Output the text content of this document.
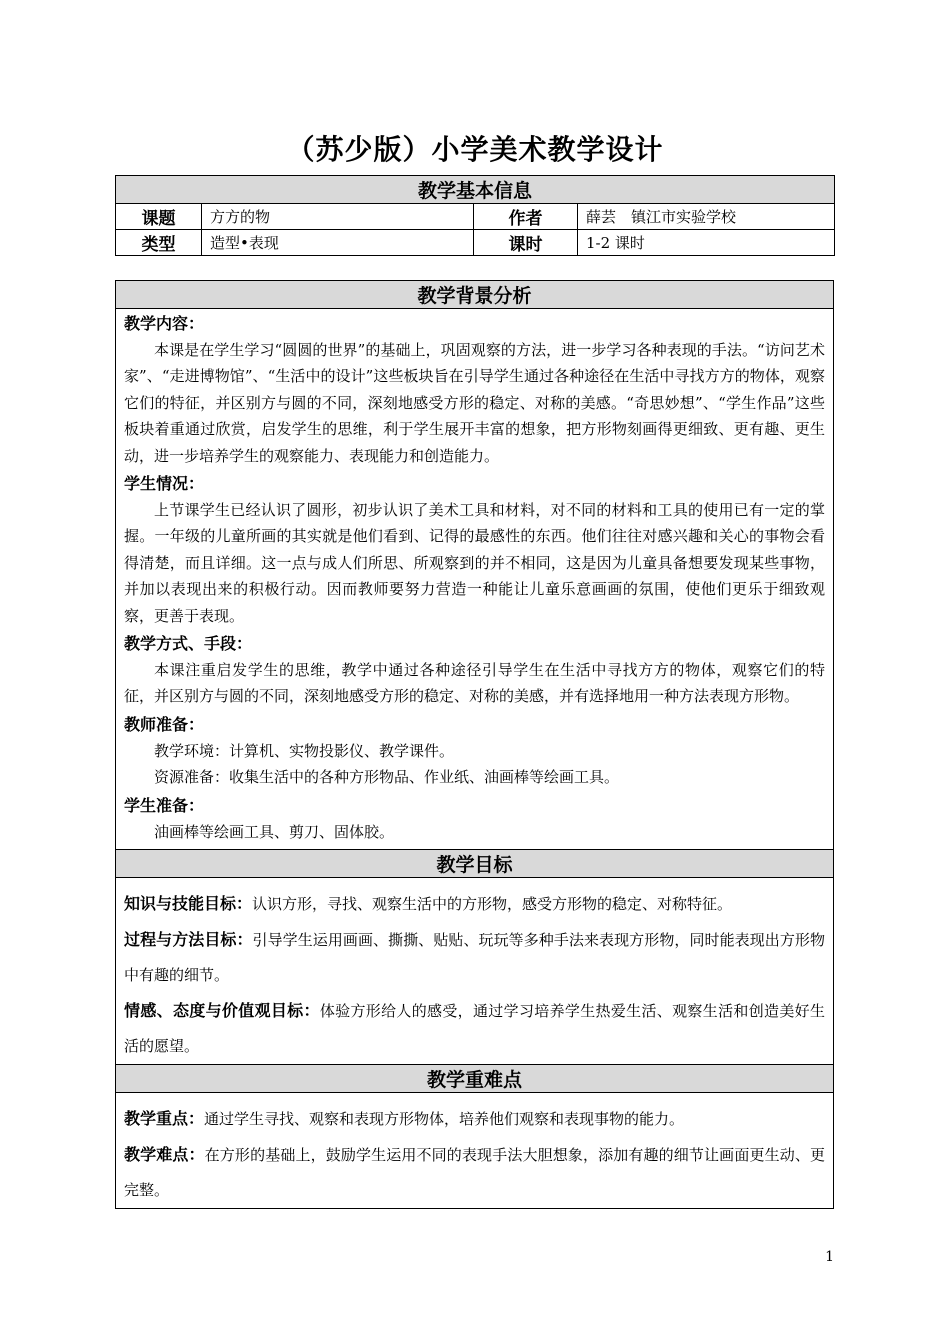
（苏少版）小学美术教学设计
教学基本信息			
课题	方方的物	作者	薛芸　镇江市实验学校
类型	造型•表现	课时	1-2 课时
教学背景分析

教学内容：
本课是在学生学习“圆圆的世界”的基础上，巩固观察的方法，进一步学习各种表现的手法。“访问艺术家”、“走进博物馆”、“生活中的设计”这些板块旨在引导学生通过各种途径在生活中寻找方方的物体，观察它们的特征，并区别方与圆的不同，深刻地感受方形的稳定、对称的美感。“奇思妙想”、“学生作品”这些板块着重通过欣赏，启发学生的思维，利于学生展开丰富的想象，把方形物刻画得更细致、更有趣、更生动，进一步培养学生的观察能力、表现能力和创造能力。
学生情况：
上节课学生已经认识了圆形，初步认识了美术工具和材料，对不同的材料和工具的使用已有一定的掌握。一年级的儿童所画的其实就是他们看到、记得的最感性的东西。他们往往对感兴趣和关心的事物会看得清楚，而且详细。这一点与成人们所思、所观察到的并不相同，这是因为儿童具备想要发现某些事物，并加以表现出来的积极行动。因而教师要努力营造一种能让儿童乐意画画的氛围，使他们更乐于细致观察，更善于表现。
教学方式、手段：
本课注重启发学生的思维，教学中通过各种途径引导学生在生活中寻找方方的物体，观察它们的特征，并区别方与圆的不同，深刻地感受方形的稳定、对称的美感，并有选择地用一种方法表现方形物。
教师准备：
教学环境：计算机、实物投影仪、教学课件。
资源准备：收集生活中的各种方形物品、作业纸、油画棒等绘画工具。
学生准备：
油画棒等绘画工具、剪刀、固体胶。

教学目标

知识与技能目标：认识方形，寻找、观察生活中的方形物，感受方形物的稳定、对称特征。
过程与方法目标：引导学生运用画画、撕撕、贴贴、玩玩等多种手法来表现方形物，同时能表现出方形物中有趣的细节。
情感、态度与价值观目标：体验方形给人的感受，通过学习培养学生热爱生活、观察生活和创造美好生活的愿望。

教学重难点

教学重点：通过学生寻找、观察和表现方形物体，培养他们观察和表现事物的能力。
教学难点：在方形的基础上，鼓励学生运用不同的表现手法大胆想象，添加有趣的细节让画面更生动、更完整。
1
